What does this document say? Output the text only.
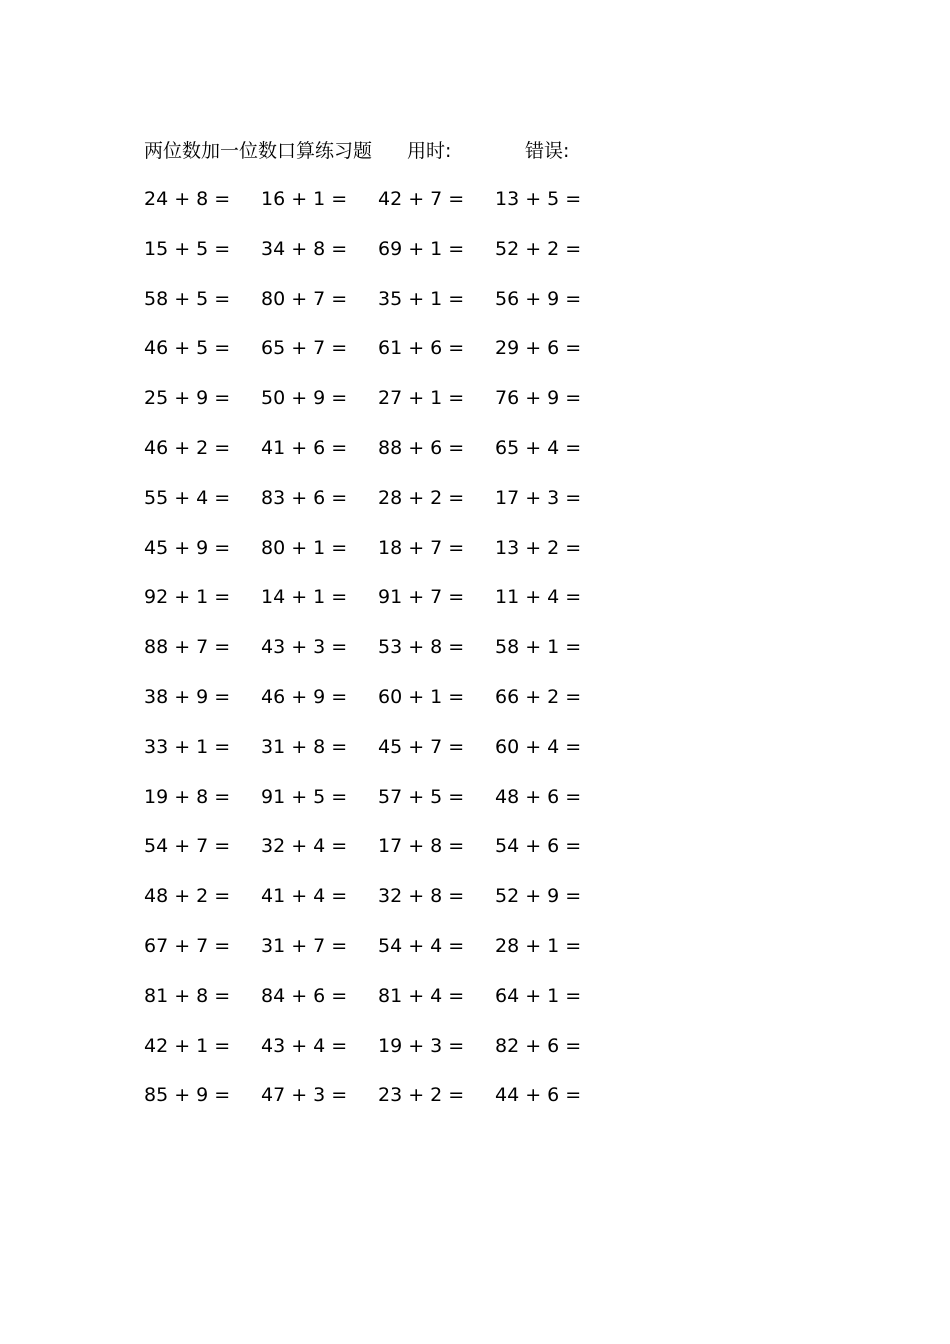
两位数加一位数口算练习题 用时:	错误:
24 + 8 = 16 + 1 = 42 + 7 = 13 + 5 =
15 + 5 = 34 + 8 = 69 + 1 = 52 + 2 =
58 + 5 = 80 + 7 = 35 + 1 = 56 + 9 =
46 + 5 = 65 + 7 = 61 + 6 = 29 + 6 =
25 + 9 = 50 + 9 = 27 + 1 = 76 + 9 =
46 + 2 = 41 + 6 = 88 + 6 = 65 + 4 =
55 + 4 = 83 + 6 = 28 + 2 = 17 + 3 =
45 + 9 = 80 + 1 = 18 + 7 = 13 + 2 =
92 + 1 = 14 + 1 = 91 + 7 = 11 + 4 =
88 + 7 = 43 + 3 = 53 + 8 = 58 + 1 =
38 + 9 = 46 + 9 = 60 + 1 = 66 + 2 =
33 + 1 = 31 + 8 = 45 + 7 = 60 + 4 =
19 + 8 = 91 + 5 = 57 + 5 = 48 + 6 =
54 + 7 = 32 + 4 = 17 + 8 = 54 + 6 =
48 + 2 = 41 + 4 = 32 + 8 = 52 + 9 =
67 + 7 = 31 + 7 = 54 + 4 = 28 + 1 =
81 + 8 = 84 + 6 = 81 + 4 = 64 + 1 =
42 + 1 = 43 + 4 = 19 + 3 = 82 + 6 =
85 + 9 = 47 + 3 = 23 + 2 = 44 + 6 =
